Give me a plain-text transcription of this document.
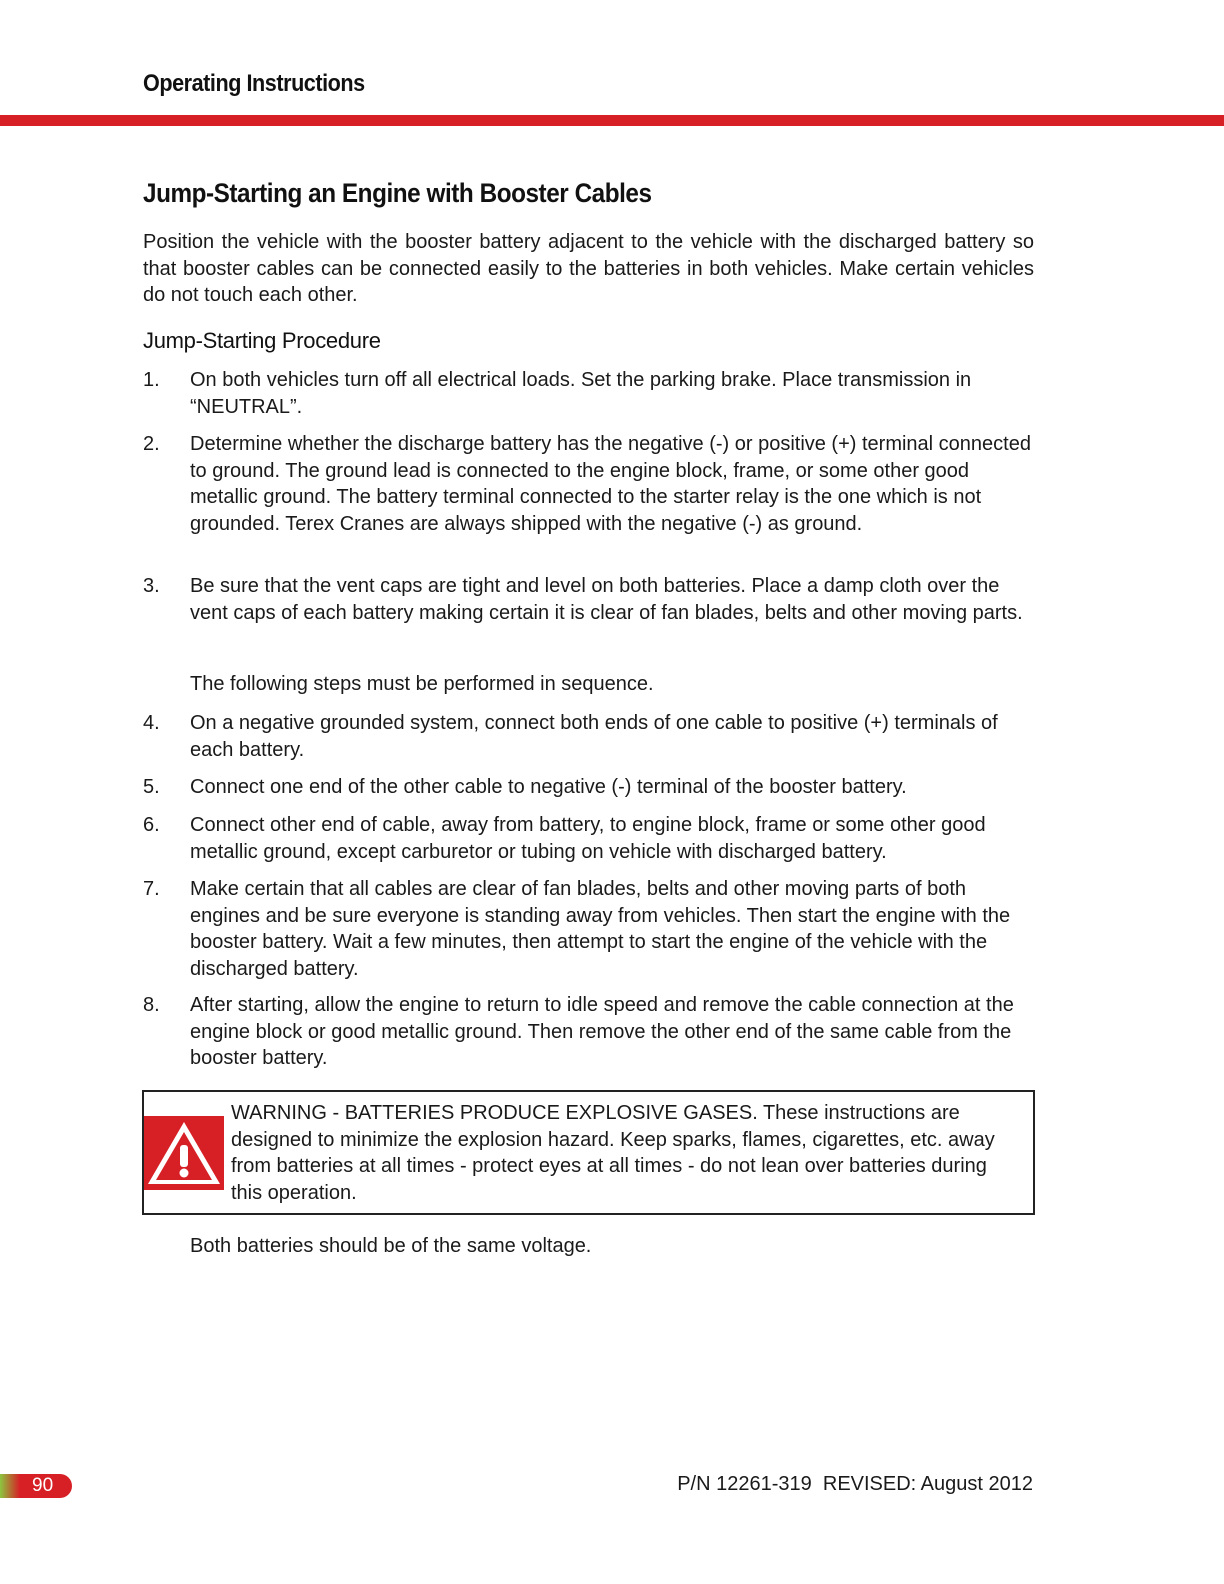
Operating Instructions
Jump-Starting an Engine with Booster Cables

Position the vehicle with the booster battery adjacent to the vehicle with the discharged battery so that booster cables can be connected easily to the batteries in both vehicles. Make certain vehicles do not touch each other.

Jump-Starting Procedure
1. On both vehicles turn off all electrical loads. Set the parking brake. Place transmission in “NEUTRAL”.
2. Determine whether the discharge battery has the negative (-) or positive (+) terminal connected to ground. The ground lead is connected to the engine block, frame, or some other good metallic ground. The battery terminal connected to the starter relay is the one which is not grounded. Terex Cranes are always shipped with the negative (-) as ground.
3. Be sure that the vent caps are tight and level on both batteries. Place a damp cloth over the vent caps of each battery making certain it is clear of fan blades, belts and other moving parts.
The following steps must be performed in sequence.
4. On a negative grounded system, connect both ends of one cable to positive (+) terminals of each battery.
5. Connect one end of the other cable to negative (-) terminal of the booster battery.
6. Connect other end of cable, away from battery, to engine block, frame or some other good metallic ground, except carburetor or tubing on vehicle with discharged battery.
7. Make certain that all cables are clear of fan blades, belts and other moving parts of both engines and be sure everyone is standing away from vehicles. Then start the engine with the booster battery. Wait a few minutes, then attempt to start the engine of the vehicle with the discharged battery.
8. After starting, allow the engine to return to idle speed and remove the cable connection at the engine block or good metallic ground. Then remove the other end of the same cable from the booster battery.
WARNING - BATTERIES PRODUCE EXPLOSIVE GASES. These instructions are designed to minimize the explosion hazard. Keep sparks, flames, cigarettes, etc. away from batteries at all times - protect eyes at all times - do not lean over batteries during this operation.
Both batteries should be of the same voltage.
90	P/N 12261-319  REVISED: August 2012
